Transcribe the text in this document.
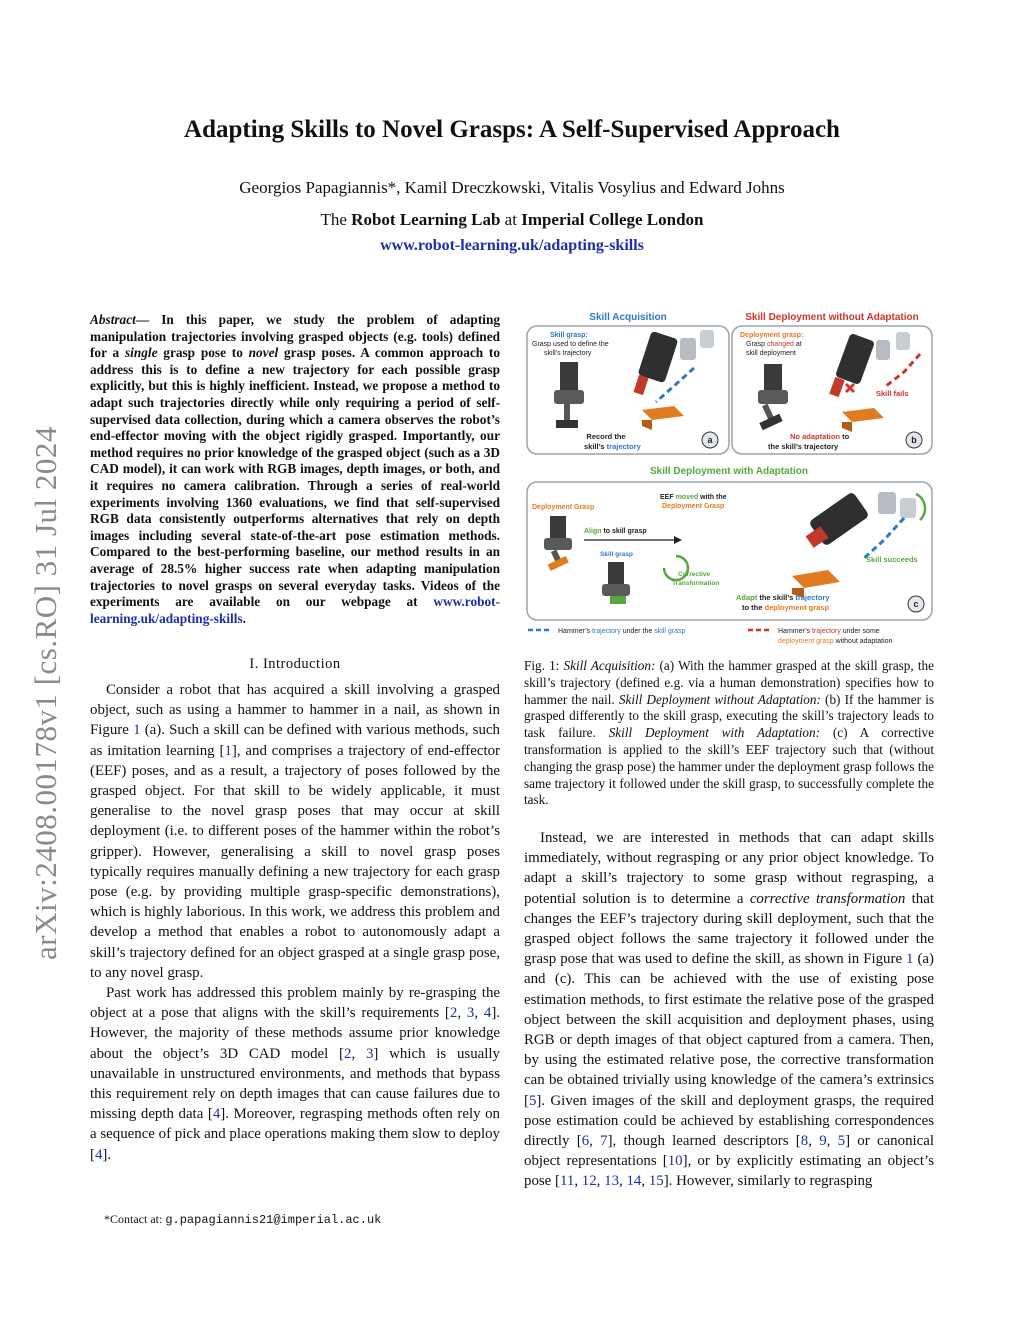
arXiv:2408.00178v1 [cs.RO] 31 Jul 2024
Adapting Skills to Novel Grasps: A Self-Supervised Approach
Georgios Papagiannis*, Kamil Dreczkowski, Vitalis Vosylius and Edward Johns
The Robot Learning Lab at Imperial College London
www.robot-learning.uk/adapting-skills
Abstract— In this paper, we study the problem of adapting manipulation trajectories involving grasped objects (e.g. tools) defined for a single grasp pose to novel grasp poses. A common approach to address this is to define a new trajectory for each possible grasp explicitly, but this is highly inefficient. Instead, we propose a method to adapt such trajectories directly while only requiring a period of self-supervised data collection, during which a camera observes the robot’s end-effector moving with the object rigidly grasped. Importantly, our method requires no prior knowledge of the grasped object (such as a 3D CAD model), it can work with RGB images, depth images, or both, and it requires no camera calibration. Through a series of real-world experiments involving 1360 evaluations, we find that self-supervised RGB data consistently outperforms alternatives that rely on depth images including several state-of-the-art pose estimation methods. Compared to the best-performing baseline, our method results in an average of 28.5% higher success rate when adapting manipulation trajectories to novel grasps on several everyday tasks. Videos of the experiments are available on our webpage at www.robot-learning.uk/adapting-skills.
I. Introduction

Consider a robot that has acquired a skill involving a grasped object, such as using a hammer to hammer in a nail, as shown in Figure 1 (a). Such a skill can be defined with various methods, such as imitation learning [1], and comprises a trajectory of end-effector (EEF) poses, and as a result, a trajectory of poses followed by the grasped object. For that skill to be widely applicable, it must generalise to the novel grasp poses that may occur at skill deployment (i.e. to different poses of the hammer within the robot’s gripper). However, generalising a skill to novel grasp poses typically requires manually defining a new trajectory for each grasp pose (e.g. by providing multiple grasp-specific demonstrations), which is highly laborious. In this work, we address this problem and develop a method that enables a robot to autonomously adapt a skill’s trajectory defined for an object grasped at a single grasp pose, to any novel grasp.

Past work has addressed this problem mainly by re-grasping the object at a pose that aligns with the skill’s requirements [2, 3, 4]. However, the majority of these methods assume prior knowledge about the object’s 3D CAD model [2, 3] which is usually unavailable in unstructured environments, and methods that bypass this requirement rely on depth images that can cause failures due to missing depth data [4]. Moreover, regrasping methods often rely on a sequence of pick and place operations making them slow to deploy [4].

*Contact at: g.papagiannis21@imperial.ac.uk
Skill Acquisition	Skill Deployment without Adaptation
Skill grasp:
Grasp used to define the
skill’s trajectory
Record the
skill’s trajectory
a
Deployment grasp:
Grasp changed at
skill deployment
Skill fails
No adaptation to
the skill’s trajectory
b
Skill Deployment with Adaptation
Deployment Grasp
EEF moved with the
Deployment Grasp
Align to skill grasp
Skill grasp
Corrective
Transformation
Skill succeeds
Adapt the skill’s trajectory
to the deployment grasp	c
Hammer’s trajectory under the skill grasp	Hammer’s trajectory under some
deployment grasp without adaptation
Fig. 1: Skill Acquisition: (a) With the hammer grasped at the skill grasp, the skill’s trajectory (defined e.g. via a human demonstration) specifies how to hammer the nail. Skill Deployment without Adaptation: (b) If the hammer is grasped differently to the skill grasp, executing the skill’s trajectory leads to task failure. Skill Deployment with Adaptation: (c) A corrective transformation is applied to the skill’s EEF trajectory such that (without changing the grasp pose) the hammer under the deployment grasp follows the same trajectory it followed under the skill grasp, to successfully complete the task.

Instead, we are interested in methods that can adapt skills immediately, without regrasping or any prior object knowledge. To adapt a skill’s trajectory to some grasp without regrasping, a potential solution is to determine a corrective transformation that changes the EEF’s trajectory during skill deployment, such that the grasped object follows the same trajectory it followed under the grasp pose that was used to define the skill, as shown in Figure 1 (a) and (c). This can be achieved with the use of existing pose estimation methods, to first estimate the relative pose of the grasped object between the skill acquisition and deployment phases, using RGB or depth images of that object captured from a camera. Then, by using the estimated relative pose, the corrective transformation can be obtained trivially using knowledge of the camera’s extrinsics [5]. Given images of the skill and deployment grasps, the required pose estimation could be achieved by establishing correspondences directly [6, 7], though learned descriptors [8, 9, 5] or canonical object representations [10], or by explicitly estimating an object’s pose [11, 12, 13, 14, 15]. However, similarly to regrasping
